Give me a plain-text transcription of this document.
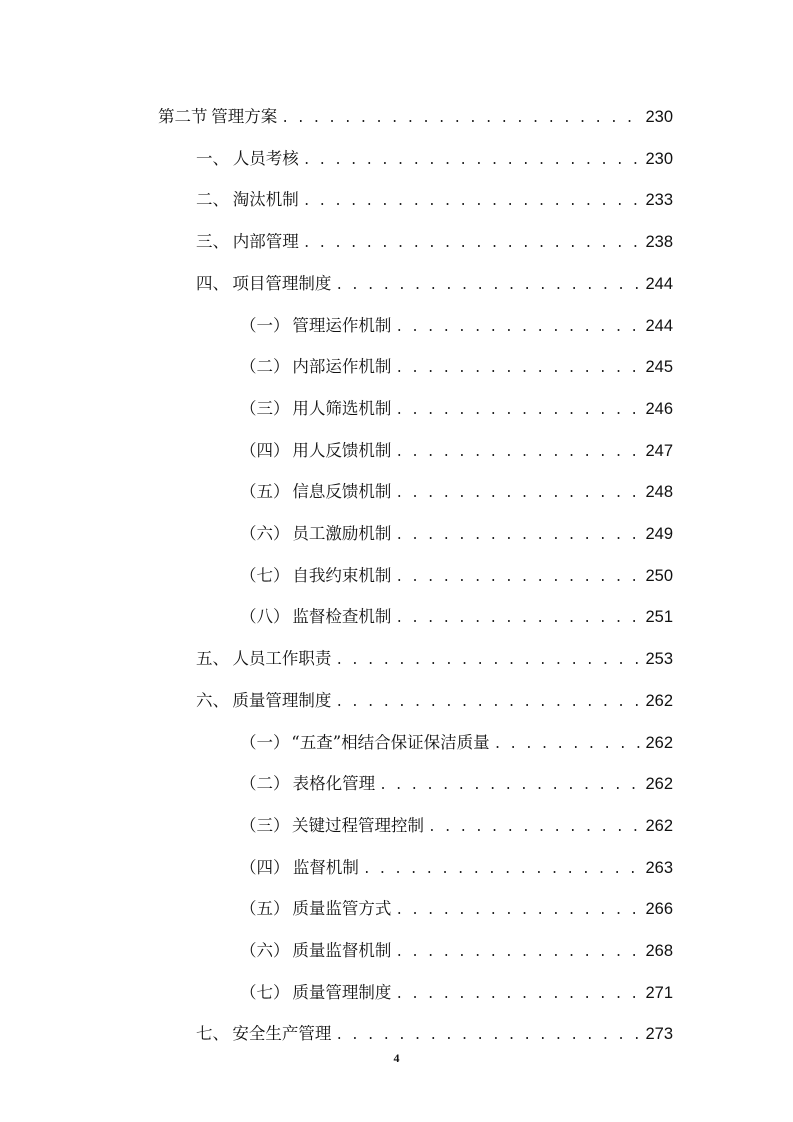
第二节 管理方案 . . .	230
一、 人员考核 . . .	230
二、 淘汰机制 . . .	233
三、 内部管理 . . .	238
四、 项目管理制度 . . .	244
（一） 管理运作机制 . . .	244
（二） 内部运作机制 . . .	245
（三） 用人筛选机制 . . .	246
（四） 用人反馈机制 . . .	247
（五） 信息反馈机制 . . .	248
（六） 员工激励机制 . . .	249
（七） 自我约束机制 . . .	250
（八） 监督检查机制 . . .	251
五、 人员工作职责 . . .	253
六、 质量管理制度 . . .	262
（一） “五查”相结合保证保洁质量 . . .	262
（二） 表格化管理 . . .	262
（三） 关键过程管理控制 . . .	262
（四） 监督机制 . . .	263
（五） 质量监管方式 . . .	266
（六） 质量监督机制 . . .	268
（七） 质量管理制度 . . .	271
七、 安全生产管理 . . .	273
4
